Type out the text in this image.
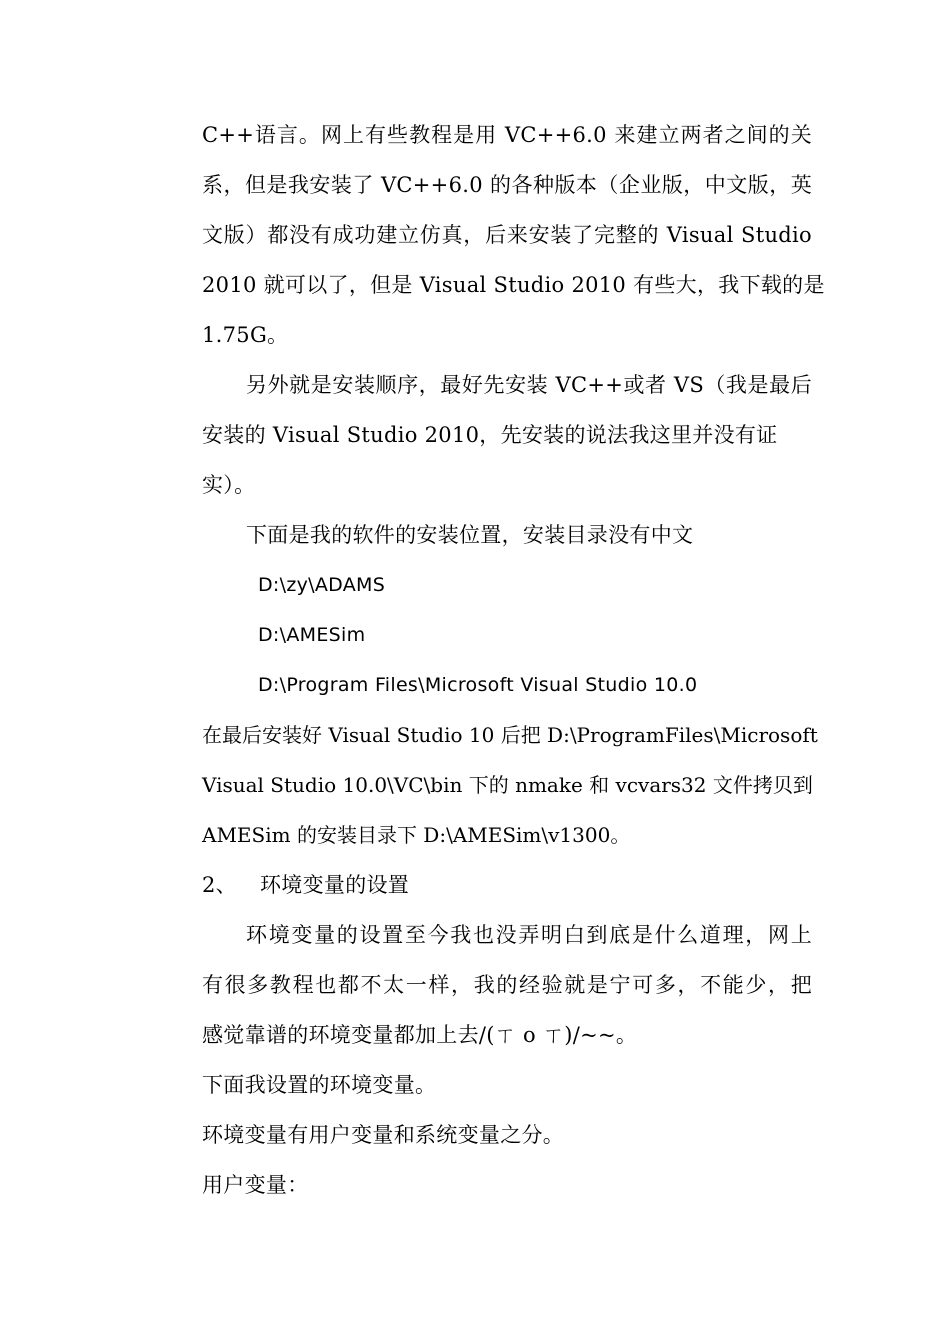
C++语言。网上有些教程是用 VC++6.0 来建立两者之间的关
系，但是我安装了 VC++6.0 的各种版本（企业版，中文版，英
文版）都没有成功建立仿真，后来安装了完整的 Visual Studio
2010 就可以了，但是 Visual Studio 2010 有些大，我下载的是
1.75G。
另外就是安装顺序，最好先安装 VC++或者 VS（我是最后
安装的 Visual Studio 2010，先安装的说法我这里并没有证
实）。
下面是我的软件的安装位置，安装目录没有中文
D:\zy\ADAMS
D:\AMESim
D:\Program Files\Microsoft Visual Studio 10.0
在最后安装好 Visual Studio 10 后把 D:\ProgramFiles\Microsoft
Visual Studio 10.0\VC\bin 下的 nmake 和 vcvars32 文件拷贝到
AMESim 的安装目录下 D:\AMESim\v1300。
2、 环境变量的设置
环境变量的设置至今我也没弄明白到底是什么道理，网上
有很多教程也都不太一样，我的经验就是宁可多，不能少，把
感觉靠谱的环境变量都加上去/(ㄒ o ㄒ)/~~。
下面我设置的环境变量。
环境变量有用户变量和系统变量之分。
用户变量：
